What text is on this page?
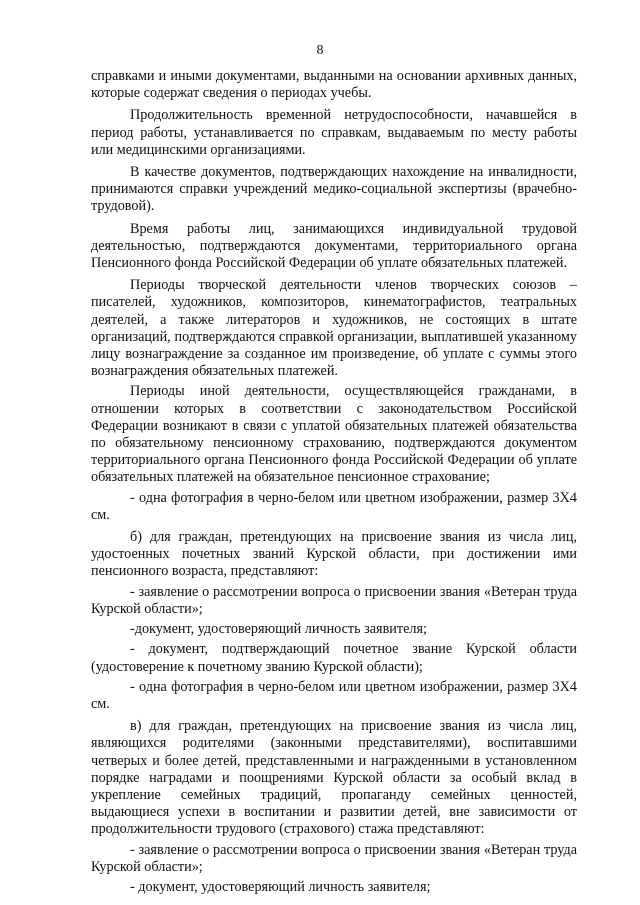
8

справками и иными документами, выданными на основании архивных данных, которые содержат сведения о периодах учебы.

Продолжительность временной нетрудоспособности, начавшейся в период работы, устанавливается по справкам, выдаваемым по месту работы или медицинскими организациями.

В качестве документов, подтверждающих нахождение на инвалидности, принимаются справки учреждений медико-социальной экспертизы (врачебно-трудовой).

Время работы лиц, занимающихся индивидуальной трудовой деятельностью, подтверждаются документами, территориального органа Пенсионного фонда Российской Федерации об уплате обязательных платежей.

Периоды творческой деятельности членов творческих союзов – писателей, художников, композиторов, кинематографистов, театральных деятелей, а также литераторов и художников, не состоящих в штате организаций, подтверждаются справкой организации, выплатившей указанному лицу вознаграждение за созданное им произведение, об уплате с суммы этого вознаграждения обязательных платежей.

Периоды иной деятельности, осуществляющейся гражданами, в отношении которых в соответствии с законодательством Российской Федерации возникают в связи с уплатой обязательных платежей обязательства по обязательному пенсионному страхованию, подтверждаются документом территориального органа Пенсионного фонда Российской Федерации об уплате обязательных платежей на обязательное пенсионное страхование;

- одна фотография в черно-белом или цветном изображении, размер 3Х4 см.

б) для граждан, претендующих на присвоение звания из числа лиц, удостоенных почетных званий Курской области, при достижении ими пенсионного возраста, представляют:

- заявление о рассмотрении вопроса о присвоении звания «Ветеран труда Курской области»;

-документ, удостоверяющий личность заявителя;

- документ, подтверждающий почетное звание Курской области (удостоверение к почетному званию Курской области);

- одна фотография в черно-белом или цветном изображении, размер 3Х4 см.

в) для граждан, претендующих на присвоение звания из числа лиц, являющихся родителями (законными представителями), воспитавшими четверых и более детей, представленными и награжденными в установленном порядке наградами и поощрениями Курской области за особый вклад в укрепление семейных традиций, пропаганду семейных ценностей, выдающиеся успехи в воспитании и развитии детей, вне зависимости от продолжительности трудового (страхового) стажа представляют:

- заявление о рассмотрении вопроса о присвоении звания «Ветеран труда Курской области»;

- документ, удостоверяющий личность заявителя;
